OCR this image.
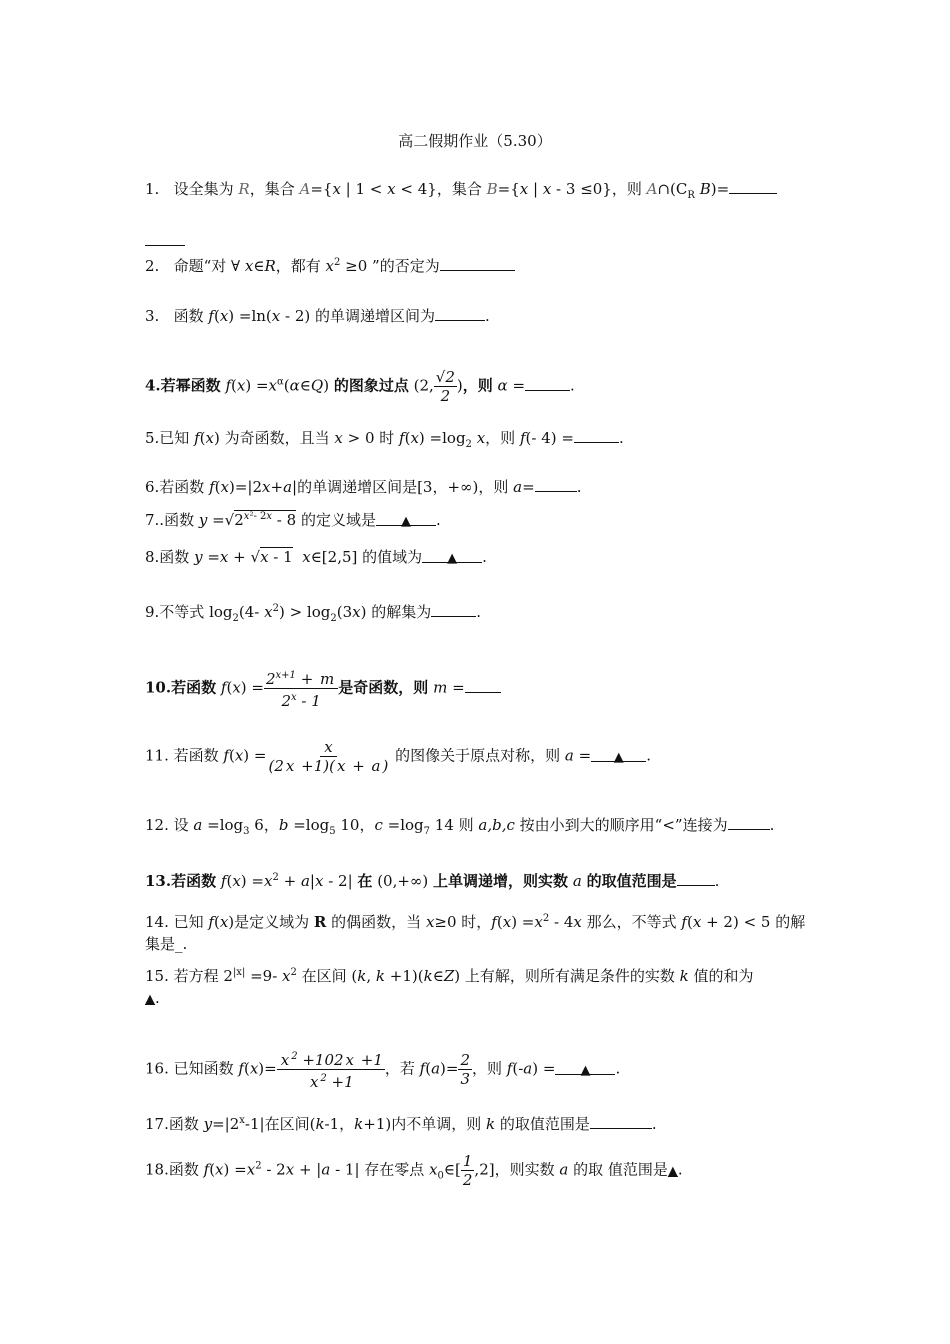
高二假期作业（5.30）
1.   设全集为 R，集合 A={x | 1 < x < 4}，集合 B={x | x - 3 ≤0}，则 $A\cap(C_R$ B)=
2.   命题“对 ∀ x∈R，都有 $x^2 \ge 0$ ”的否定为
3.   函数 f(x) =ln(x - 2) 的单调递增区间为	.
4.若幂函数 $f(x) =x^\alpha(\alpha\in Q)$ 的图象过点 (2, $\frac{√2}{2}$ )，则 α =	.
5.已知 f(x) 为奇函数，且当 x > 0 时 $f(x) =\log_2$ x，则 f(- 4) =	.
6.若函数 f(x)=|2x+a|的单调递增区间是[3，+∞)，则 a=	.
7..函数 $y =√2^{x^2- 2x} - 8$ 的定义域是 ▲ .
8.函数 y =x + √x - 1 x∈[2,5] 的值域为 ▲ .
9.不等式 $\log_2(4-$ $x^2) > \log_2(3x)$ 的解集为	.
10.若函数 $f(x) = \frac{2^{x+1} + m}{2^x - 1}$ 是奇函数，则 m =
11. 若函数 $f(x) = \frac{x}{(2 x +1)( x + a )}$ 的图像关于原点对称，则 a = ▲ .
12. 设 $a =\log_3$ 6，$b =\log_5$ 10，$c =\log_7$ 14 则 a,b,c 按由小到大的顺序用“<”连接为	.
13.若函数 $f(x) =x^2 + a|x - 2|$ 在 (0,+∞) 上单调递增，则实数 a 的取值范围是	.
14. 已知 f(x)是定义域为 R 的偶函数，当 x≥0 时，$f(x) =x^2 - 4x$ 那么，不等式 f(x + 2) < 5 的解集是_.
15. 若方程 $2^{|x|} =9-$ $x^2$ 在区间 (k, k +1)(k∈Z) 上有解，则所有满足条件的实数 k 值的和为
▲.
16. 已知函数 $f(x)= \frac{x ^2 +102 x +1}{x ^2 +1}$ ，若 $f(a)= \frac{2}{3}$ ，则 f(-a) = ▲ .
17.函数 $y=|2^x-1|$在区间(k-1，k+1)内不单调，则 k 的取值范围是	.
18.函数 $f(x) =x^2 - 2x + |a - 1|$ 存在零点 $x_0\in[ \frac{1}{2} ,2]$，则实数 a 的取 值范围是▲.
